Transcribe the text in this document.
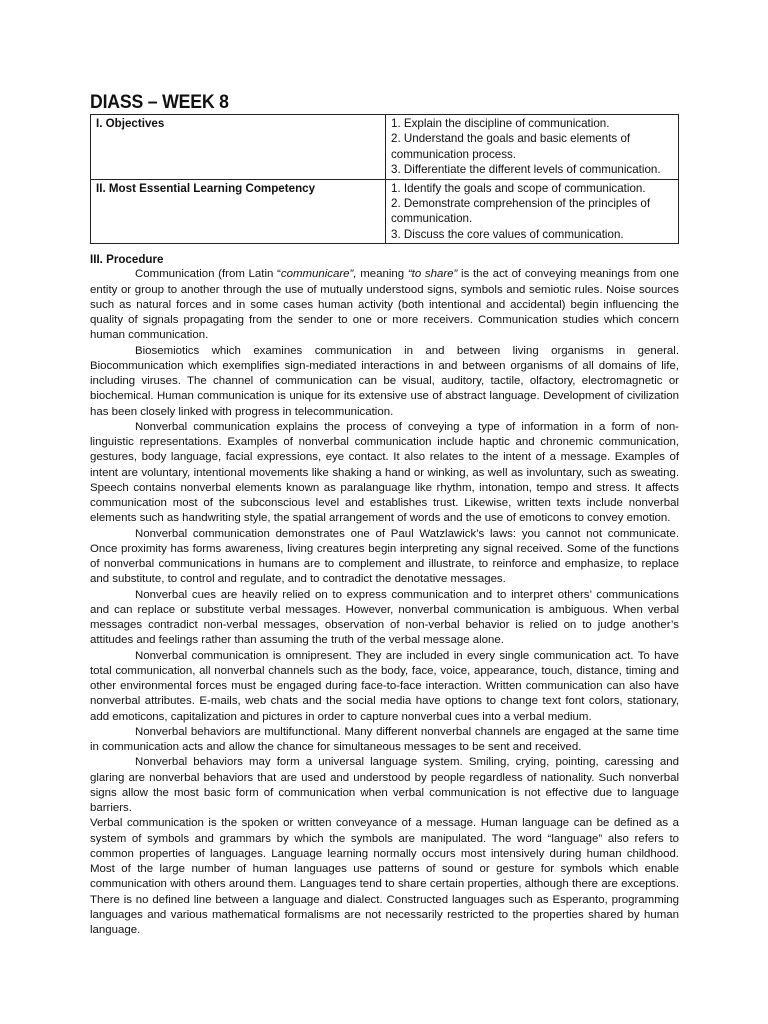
DIASS – WEEK 8
I. Objectives	1. Explain the discipline of communication.
2. Understand the goals and basic elements of communication process.
3. Differentiate the different levels of communication.

II. Most Essential Learning Competency	1. Identify the goals and scope of communication.
2. Demonstrate comprehension of the principles of communication.
3. Discuss the core values of communication.
III. Procedure

Communication (from Latin “communicare”, meaning “to share” is the act of conveying meanings from one entity or group to another through the use of mutually understood signs, symbols and semiotic rules. Noise sources such as natural forces and in some cases human activity (both intentional and accidental) begin influencing the quality of signals propagating from the sender to one or more receivers. Communication studies which concern human communication.

Biosemiotics which examines communication in and between living organisms in general. Biocommunication which exemplifies sign-mediated interactions in and between organisms of all domains of life, including viruses. The channel of communication can be visual, auditory, tactile, olfactory, electromagnetic or biochemical. Human communication is unique for its extensive use of abstract language. Development of civilization has been closely linked with progress in telecommunication.

Nonverbal communication explains the process of conveying a type of information in a form of non-linguistic representations. Examples of nonverbal communication include haptic and chronemic communication, gestures, body language, facial expressions, eye contact. It also relates to the intent of a message. Examples of intent are voluntary, intentional movements like shaking a hand or winking, as well as involuntary, such as sweating. Speech contains nonverbal elements known as paralanguage like rhythm, intonation, tempo and stress. It affects communication most of the subconscious level and establishes trust. Likewise, written texts include nonverbal elements such as handwriting style, the spatial arrangement of words and the use of emoticons to convey emotion.

Nonverbal communication demonstrates one of Paul Watzlawick’s laws: you cannot not communicate. Once proximity has forms awareness, living creatures begin interpreting any signal received. Some of the functions of nonverbal communications in humans are to complement and illustrate, to reinforce and emphasize, to replace and substitute, to control and regulate, and to contradict the denotative messages.

Nonverbal cues are heavily relied on to express communication and to interpret others’ communications and can replace or substitute verbal messages. However, nonverbal communication is ambiguous. When verbal messages contradict non-verbal messages, observation of non-verbal behavior is relied on to judge another’s attitudes and feelings rather than assuming the truth of the verbal message alone.

Nonverbal communication is omnipresent. They are included in every single communication act. To have total communication, all nonverbal channels such as the body, face, voice, appearance, touch, distance, timing and other environmental forces must be engaged during face-to-face interaction. Written communication can also have nonverbal attributes. E-mails, web chats and the social media have options to change text font colors, stationary, add emoticons, capitalization and pictures in order to capture nonverbal cues into a verbal medium.

Nonverbal behaviors are multifunctional. Many different nonverbal channels are engaged at the same time in communication acts and allow the chance for simultaneous messages to be sent and received.

Nonverbal behaviors may form a universal language system. Smiling, crying, pointing, caressing and glaring are nonverbal behaviors that are used and understood by people regardless of nationality. Such nonverbal signs allow the most basic form of communication when verbal communication is not effective due to language barriers.

Verbal communication is the spoken or written conveyance of a message. Human language can be defined as a system of symbols and grammars by which the symbols are manipulated. The word “language” also refers to common properties of languages. Language learning normally occurs most intensively during human childhood. Most of the large number of human languages use patterns of sound or gesture for symbols which enable communication with others around them. Languages tend to share certain properties, although there are exceptions. There is no defined line between a language and dialect. Constructed languages such as Esperanto, programming languages and various mathematical formalisms are not necessarily restricted to the properties shared by human language.
